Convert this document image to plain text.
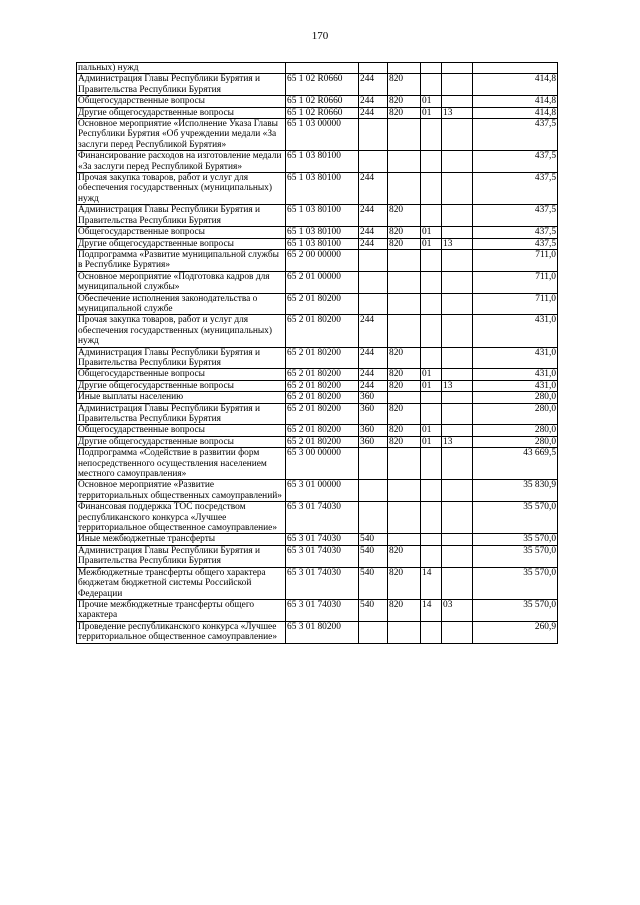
170
пальных) нужд						
Администрация Главы Республики Бурятия и Правительства Республики Бурятия	65 1 02 R0660	244	820			414,8
Общегосударственные вопросы	65 1 02 R0660	244	820	01		414,8
Другие общегосударственные вопросы	65 1 02 R0660	244	820	01	13	414,8
Основное мероприятие «Исполнение Указа Главы Республики Бурятия «Об учреждении медали «За заслуги перед Республикой Бурятия»	65 1 03 00000					437,5
Финансирование расходов на изготовление медали «За заслуги перед Республикой Бурятия»	65 1 03 80100					437,5
Прочая закупка товаров, работ и услуг для обеспечения государственных (муниципальных) нужд	65 1 03 80100	244				437,5
Администрация Главы Республики Бурятия и Правительства Республики Бурятия	65 1 03 80100	244	820			437,5
Общегосударственные вопросы	65 1 03 80100	244	820	01		437,5
Другие общегосударственные вопросы	65 1 03 80100	244	820	01	13	437,5
Подпрограмма «Развитие муниципальной службы в Республике Бурятия»	65 2 00 00000					711,0
Основное мероприятие «Подготовка кадров для муниципальной службы»	65 2 01 00000					711,0
Обеспечение исполнения законодательства о муниципальной службе	65 2 01 80200					711,0
Прочая закупка товаров, работ и услуг для обеспечения государственных (муниципальных) нужд	65 2 01 80200	244				431,0
Администрация Главы Республики Бурятия и Правительства Республики Бурятия	65 2 01 80200	244	820			431,0
Общегосударственные вопросы	65 2 01 80200	244	820	01		431,0
Другие общегосударственные вопросы	65 2 01 80200	244	820	01	13	431,0
Иные выплаты населению	65 2 01 80200	360				280,0
Администрация Главы Республики Бурятия и Правительства Республики Бурятия	65 2 01 80200	360	820			280,0
Общегосударственные вопросы	65 2 01 80200	360	820	01		280,0
Другие общегосударственные вопросы	65 2 01 80200	360	820	01	13	280,0
Подпрограмма «Содействие в развитии форм непосредственного осуществления населением местного самоуправления»	65 3 00 00000					43 669,5
Основное мероприятие «Развитие территориальных общественных самоуправлений»	65 3 01 00000					35 830,9
Финансовая поддержка ТОС посредством республиканского конкурса «Лучшее территориальное общественное самоуправление»	65 3 01 74030					35 570,0
Иные межбюджетные трансферты	65 3 01 74030	540				35 570,0
Администрация Главы Республики Бурятия и Правительства Республики Бурятия	65 3 01 74030	540	820			35 570,0
Межбюджетные трансферты общего характера бюджетам бюджетной системы Российской Федерации	65 3 01 74030	540	820	14		35 570,0
Прочие межбюджетные трансферты общего характера	65 3 01 74030	540	820	14	03	35 570,0
Проведение республиканского конкурса «Лучшее территориальное общественное самоуправление»	65 3 01 80200					260,9
